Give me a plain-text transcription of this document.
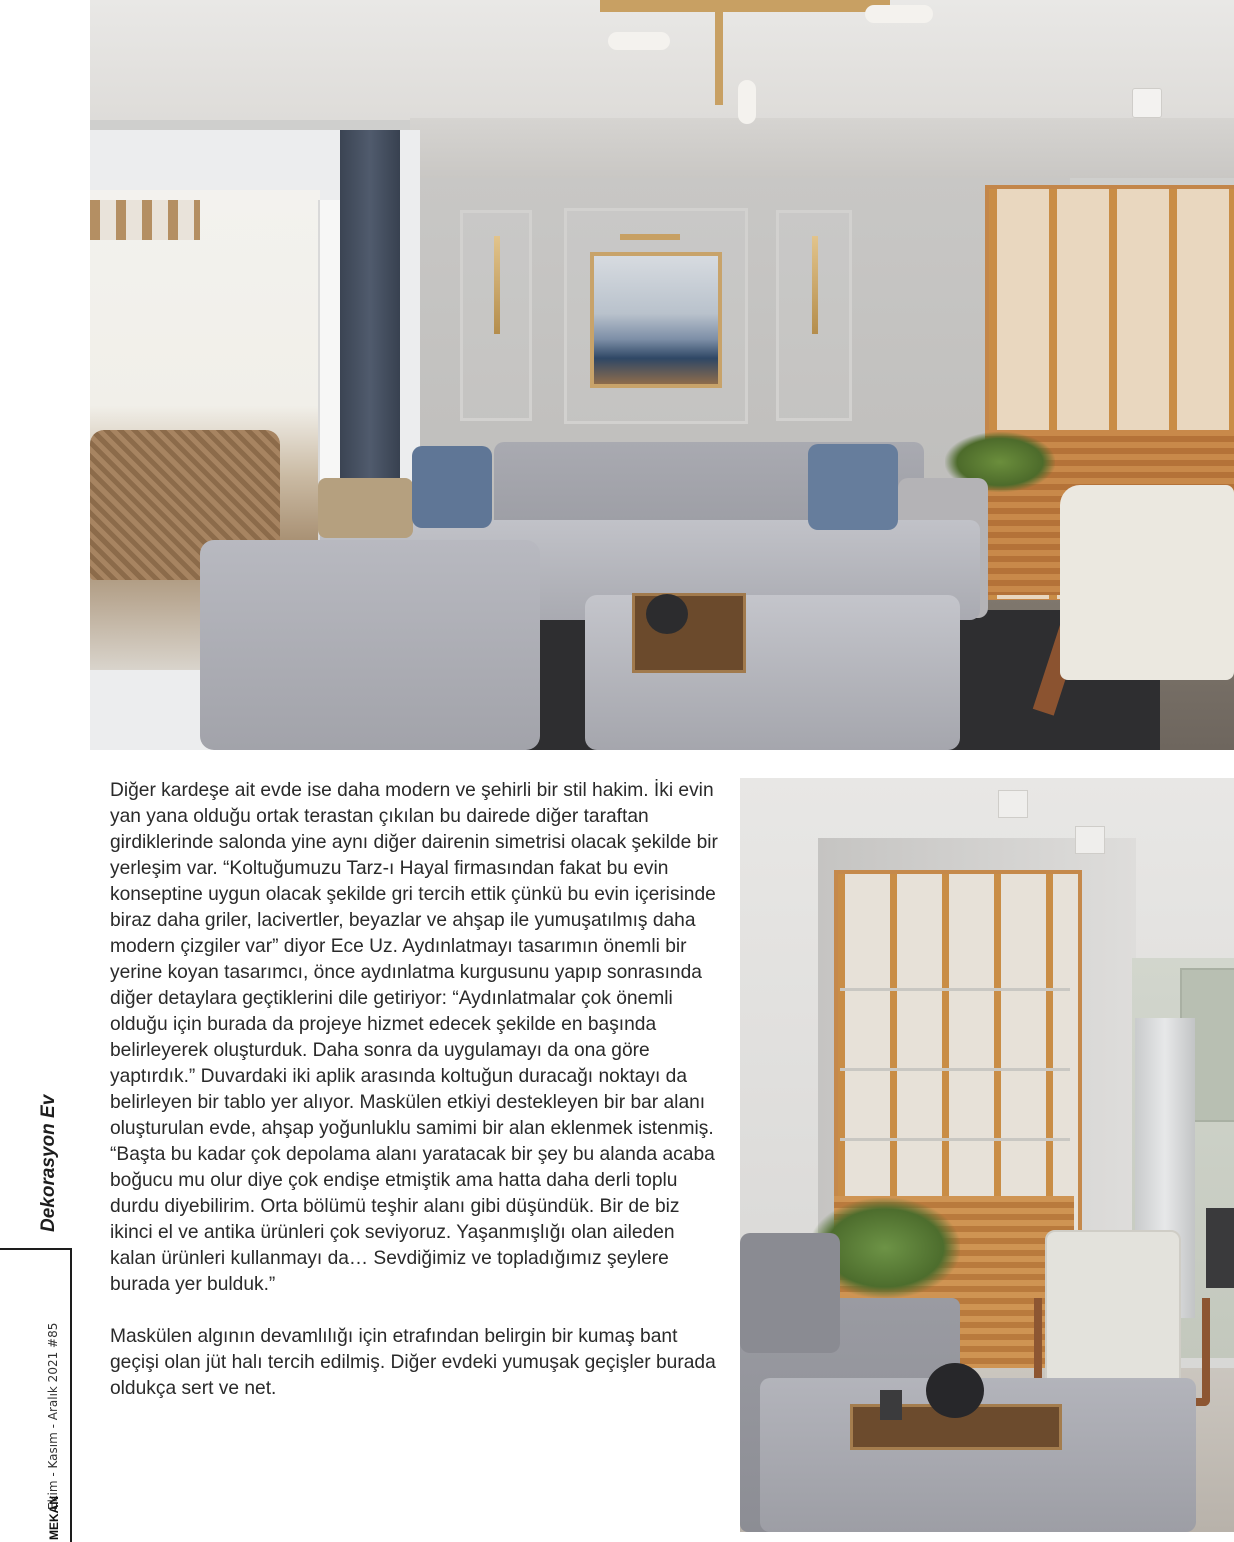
Dekorasyon Ev
Ekim - Kasım - Aralık 2021 #85
MEKAN

Diğer kardeşe ait evde ise daha modern ve şehirli bir stil hakim. İki evin yan yana olduğu ortak terastan çıkılan bu dairede diğer taraftan girdiklerinde salonda yine aynı diğer dairenin simetrisi olacak şekilde bir yerleşim var. “Koltuğumuzu Tarz-ı Hayal firmasından fakat bu evin konseptine uygun olacak şekilde gri tercih ettik çünkü bu evin içerisinde biraz daha griler, lacivertler, beyazlar ve ahşap ile yumuşatılmış daha modern çizgiler var” diyor Ece Uz. Aydınlatmayı tasarımın önemli bir yerine koyan tasarımcı, önce aydınlatma kurgusunu yapıp sonrasında diğer detaylara geçtiklerini dile getiriyor: “Aydınlatmalar çok önemli olduğu için burada da projeye hizmet edecek şekilde en başında belirleyerek oluşturduk. Daha sonra da uygulamayı da ona göre yaptırdık.” Duvardaki iki aplik arasında koltuğun duracağı noktayı da belirleyen bir tablo yer alıyor. Maskülen etkiyi destekleyen bir bar alanı oluşturulan evde, ahşap yoğunluklu samimi bir alan eklenmek istenmiş. “Başta bu kadar çok depolama alanı yaratacak bir şey bu alanda acaba boğucu mu olur diye çok endişe etmiştik ama hatta daha derli toplu durdu diyebilirim. Orta bölümü teşhir alanı gibi düşündük. Bir de biz ikinci el ve antika ürünleri çok seviyoruz. Yaşanmışlığı olan aileden kalan ürünleri kullanmayı da… Sevdiğimiz ve topladığımız şeylere burada yer bulduk.”

Maskülen algının devamlılığı için etrafından belirgin bir kumaş bant geçişi olan jüt halı tercih edilmiş. Diğer evdeki yumuşak geçişler burada oldukça sert ve net.
